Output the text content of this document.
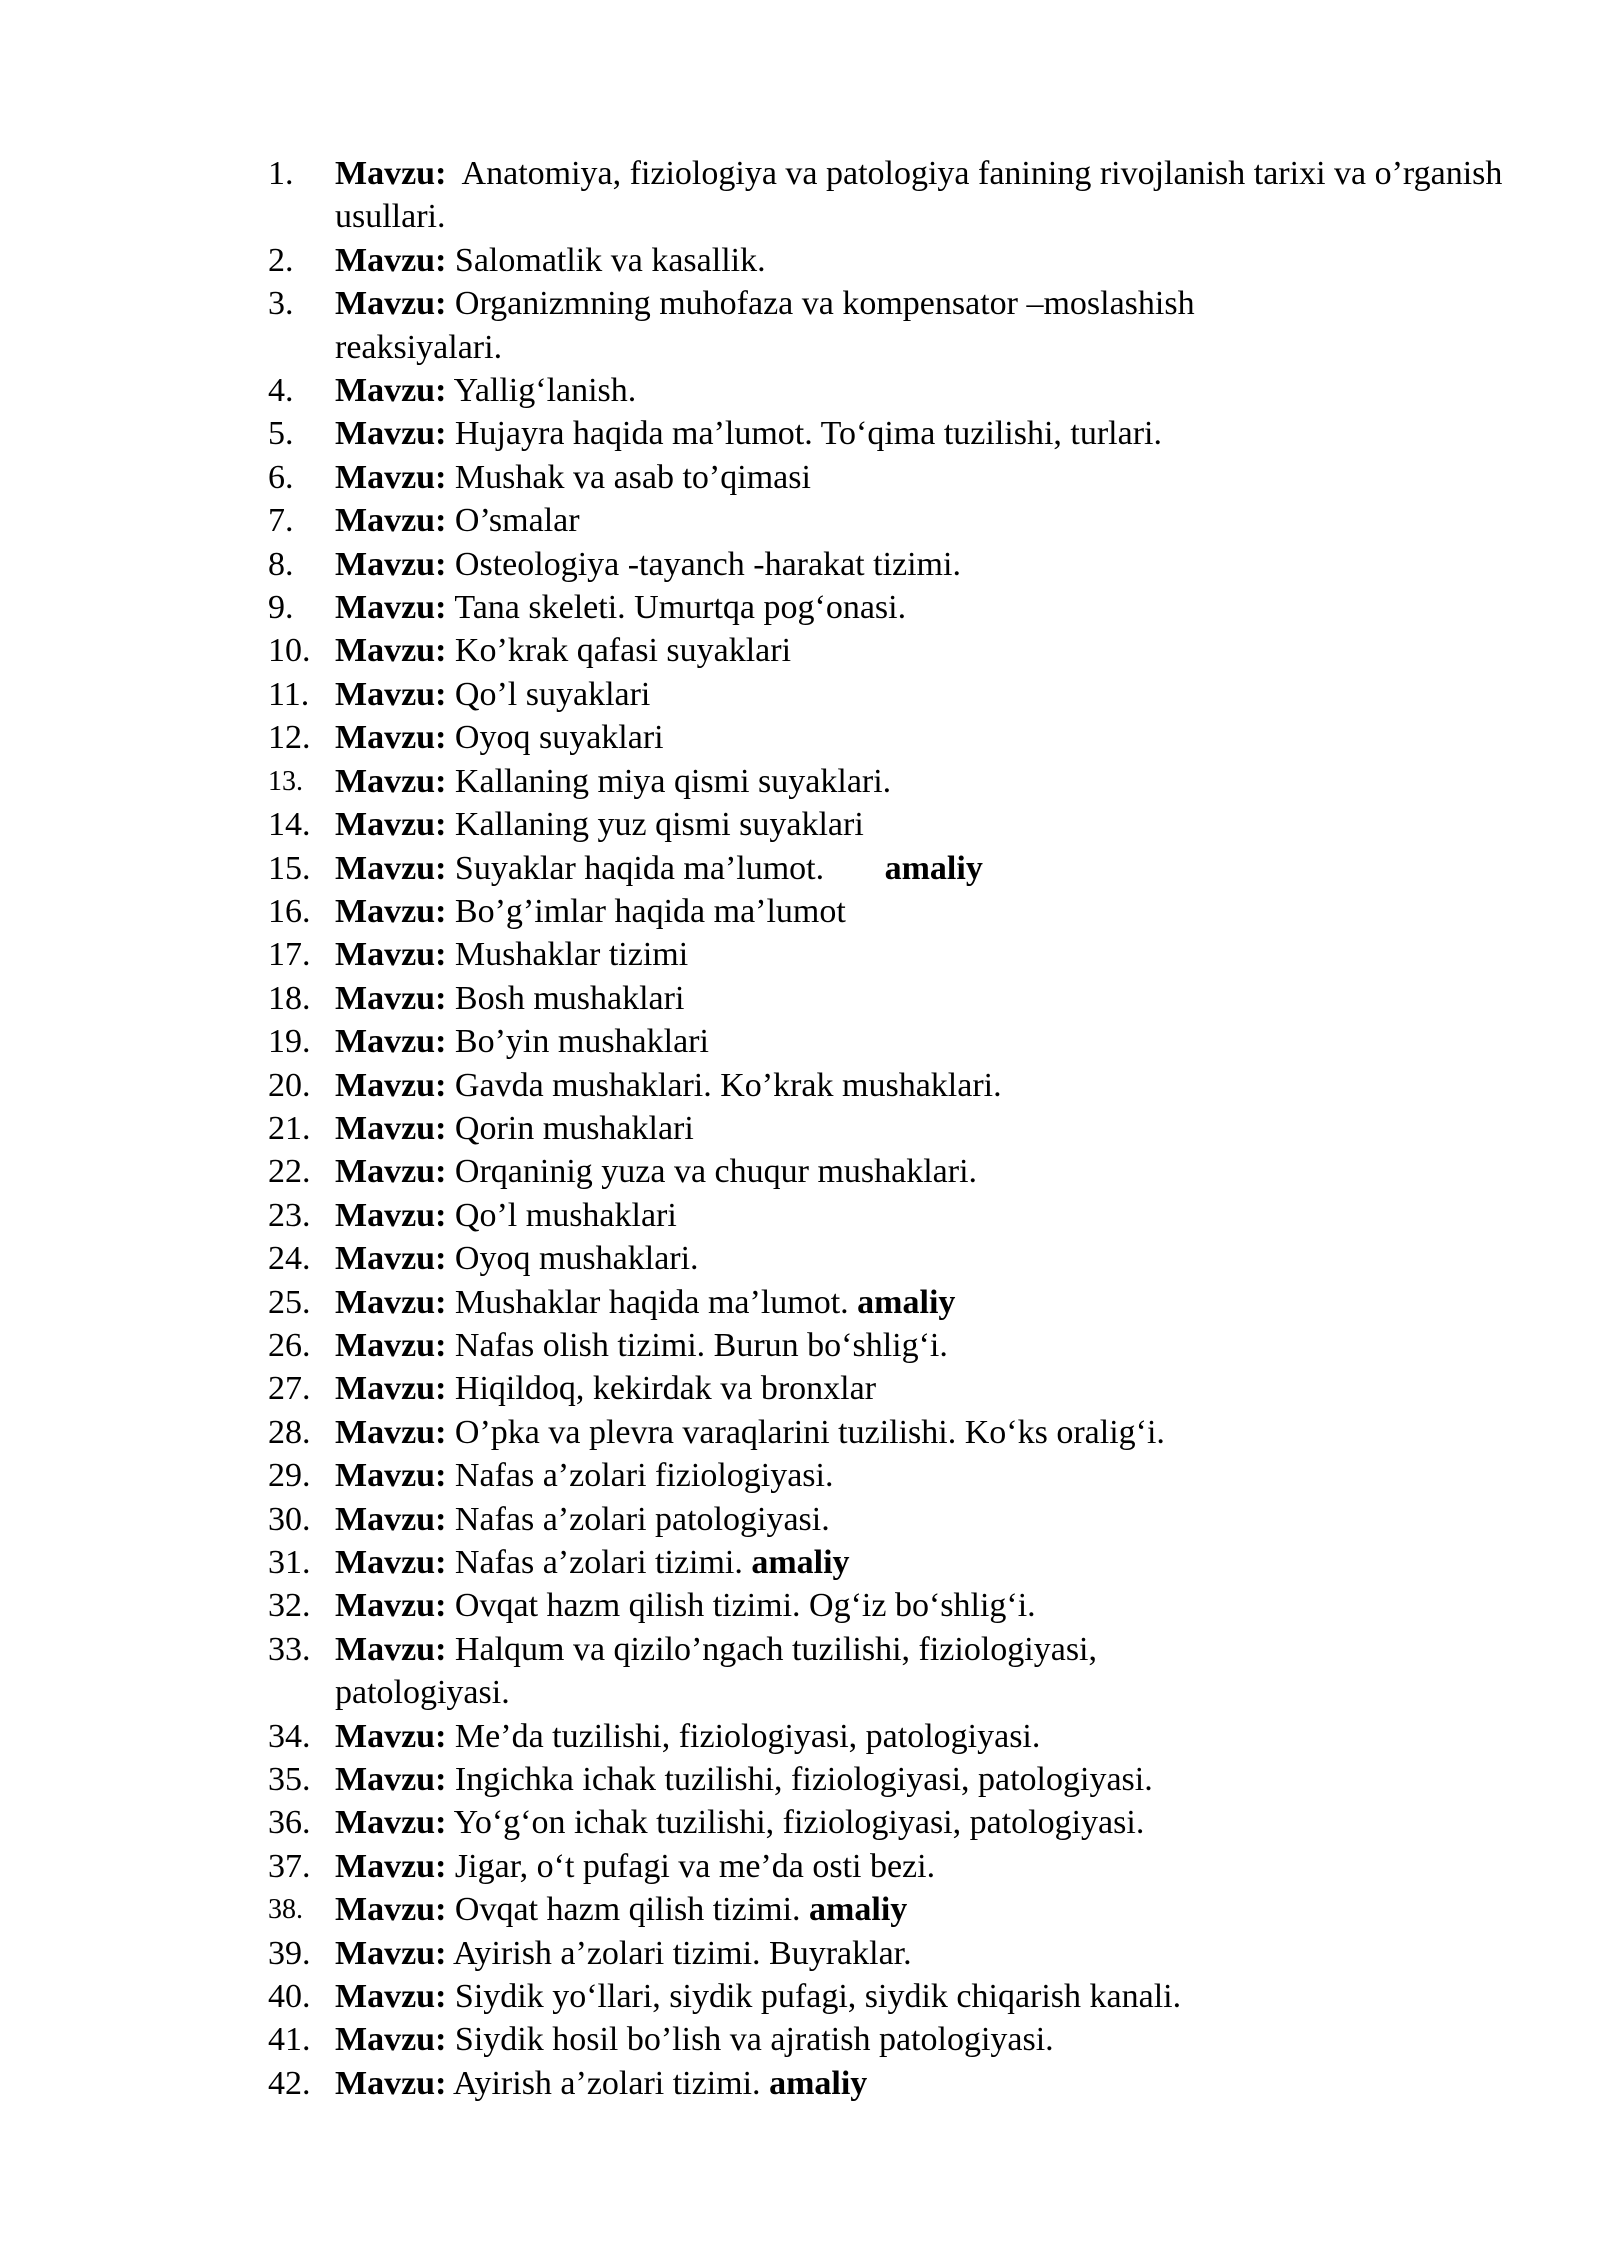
1.	Mavzu: Anatomiya, fiziologiya va patologiya fanining rivojlanish tarixi va o’rganish usullari.
2.	Mavzu: Salomatlik va kasallik.
3.	Mavzu: Organizmning muhofaza va kompensator –moslashish reaksiyalari.
4.	Mavzu: Yallig‘lanish.
5.	Mavzu: Hujayra haqida ma’lumot. To‘qima tuzilishi, turlari.
6.	Mavzu: Mushak va asab to’qimasi
7.	Mavzu: O’smalar
8.	Mavzu: Osteologiya -tayanch -harakat tizimi.
9.	Mavzu: Tana skeleti. Umurtqa pog‘onasi.
10. Mavzu: Ko’krak qafasi suyaklari
11. Mavzu: Qo’l suyaklari
12. Mavzu: Oyoq suyaklari
13. Mavzu: Kallaning miya qismi suyaklari.
14. Mavzu: Kallaning yuz qismi suyaklari
15. Mavzu: Suyaklar haqida ma’lumot. amaliy
16. Mavzu: Bo’g’imlar haqida ma’lumot
17. Mavzu: Mushaklar tizimi
18. Mavzu: Bosh mushaklari
19. Mavzu: Bo’yin mushaklari
20. Mavzu: Gavda mushaklari. Ko’krak mushaklari.
21. Mavzu: Qorin mushaklari
22. Mavzu: Orqaninig yuza va chuqur mushaklari.
23. Mavzu: Qo’l mushaklari
24. Mavzu: Oyoq mushaklari.
25. Mavzu: Mushaklar haqida ma’lumot. amaliy
26. Mavzu: Nafas olish tizimi. Burun bo‘shlig‘i.
27. Mavzu: Hiqildoq, kekirdak va bronxlar
28. Mavzu: O’pka va plevra varaqlarini tuzilishi. Ko‘ks oralig‘i.
29. Mavzu: Nafas a’zolari fiziologiyasi.
30. Mavzu: Nafas a’zolari patologiyasi.
31. Mavzu: Nafas a’zolari tizimi. amaliy
32. Mavzu: Ovqat hazm qilish tizimi. Og‘iz bo‘shlig‘i.
33. Mavzu: Halqum va qizilo’ngach tuzilishi, fiziologiyasi, patologiyasi.
34. Mavzu: Me’da tuzilishi, fiziologiyasi, patologiyasi.
35. Mavzu: Ingichka ichak tuzilishi, fiziologiyasi, patologiyasi.
36. Mavzu: Yo‘g‘on ichak tuzilishi, fiziologiyasi, patologiyasi.
37. Mavzu: Jigar, o‘t pufagi va me’da osti bezi.
38. Mavzu: Ovqat hazm qilish tizimi. amaliy
39. Mavzu: Ayirish a’zolari tizimi. Buyraklar.
40. Mavzu: Siydik yo‘llari, siydik pufagi, siydik chiqarish kanali.
41. Mavzu: Siydik hosil bo’lish va ajratish patologiyasi.
42. Mavzu: Ayirish a’zolari tizimi. amaliy
